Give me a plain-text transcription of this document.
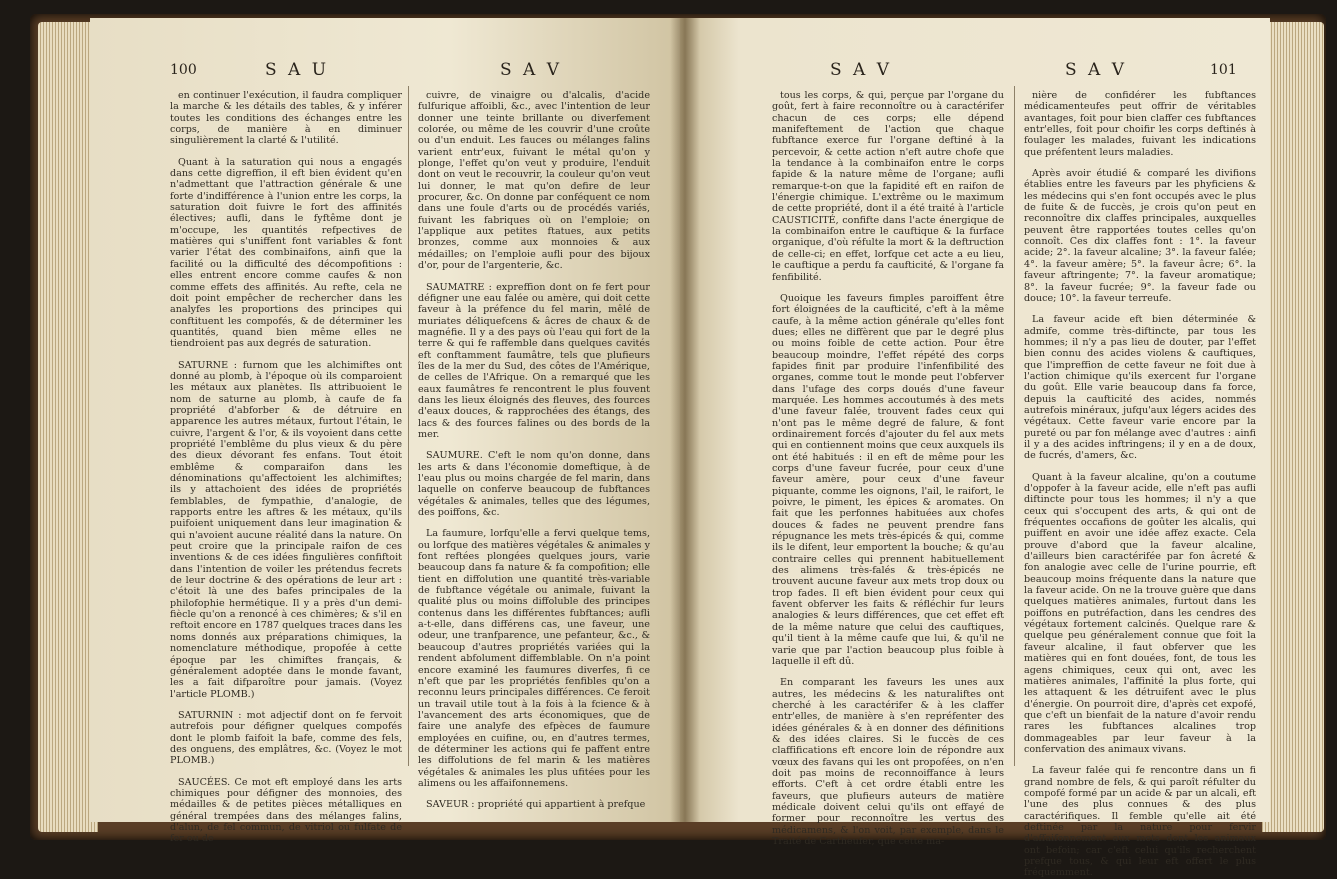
100	S A U	S A V

en continuer l'exécution, il faudra compliquer la marche & les détails des tables, & y inférer toutes les conditions des échanges entre les corps, de manière à en diminuer singulièrement la clarté & l'utilité.

Quant à la saturation qui nous a engagés dans cette digreffion, il eft bien évident qu'en n'admettant que l'attraction générale & une forte d'indifférence à l'union entre les corps, la saturation doit fuivre le fort des affinités électives; aufli, dans le fyftême dont je m'occupe, les quantités refpectives de matières qui s'uniffent font variables & font varier l'état des combinaifons, ainfi que la facilité ou la difficulté des décompofitions : elles entrent encore comme caufes & non comme effets des affinités. Au refte, cela ne doit point empêcher de rechercher dans les analyfes les proportions des principes qui conftituent les compofés, & de déterminer les quantités, quand bien même elles ne tiendroient pas aux degrés de saturation.

SATURNE : furnom que les alchimiftes ont donné au plomb, à l'époque où ils comparoient les métaux aux planètes. Ils attribuoient le nom de saturne au plomb, à caufe de fa propriété d'abforber & de détruire en apparence les autres métaux, furtout l'étain, le cuivre, l'argent & l'or, & ils voyoient dans cette propriété l'emblême du plus vieux & du père des dieux dévorant fes enfans. Tout étoit emblême & comparaifon dans les dénominations qu'affectoient les alchimiftes; ils y attachoient des idées de propriétés femblables, de fympathie, d'analogie, de rapports entre les aftres & les métaux, qu'ils puifoient uniquement dans leur imagination & qui n'avoient aucune réalité dans la nature. On peut croire que la principale raifon de ces inventions & de ces idées fingulières confiftoit dans l'intention de voiler les prétendus fecrets de leur doctrine & des opérations de leur art : c'étoit là une des bafes principales de la philofophie hermétique. Il y a près d'un demi-fiècle qu'on a renoncé à ces chimères; & s'il en reftoit encore en 1787 quelques traces dans les noms donnés aux préparations chimiques, la nomenclature méthodique, propofée à cette époque par les chimiftes français, & généralement adoptée dans le monde favant, les a fait difparoître pour jamais. (Voyez l'article PLOMB.)

SATURNIN : mot adjectif dont on fe fervoit autrefois pour défigner quelques compofés dont le plomb faifoit la bafe, comme des fels, des onguens, des emplâtres, &c. (Voyez le mot PLOMB.)

SAUCÉES. Ce mot eft employé dans les arts chimiques pour défigner des monnoies, des médailles & de petites pièces métalliques en général trempées dans des mélanges falins, d'alun, de fel commun, de vitriol ou fulfate de fer ou de

cuivre, de vinaigre ou d'alcalis, d'acide fulfurique affoibli, &c., avec l'intention de leur donner une teinte brillante ou diverfement colorée, ou même de les couvrir d'une croûte ou d'un enduit. Les fauces ou mélanges falins varient entr'eux, fuivant le métal qu'on y plonge, l'effet qu'on veut y produire, l'enduit dont on veut le recouvrir, la couleur qu'on veut lui donner, le mat qu'on defire de leur procurer, &c. On donne par conféquent ce nom dans une foule d'arts ou de procédés variés, fuivant les fabriques où on l'emploie; on l'applique aux petites ftatues, aux petits bronzes, comme aux monnoies & aux médailles; on l'emploie aufli pour des bijoux d'or, pour de l'argenterie, &c.

SAUMATRE : expreffion dont on fe fert pour défigner une eau falée ou amère, qui doit cette faveur à la préfence du fel marin, mêlé de muriates déliquefcens & âcres de chaux & de magnéfie. Il y a des pays où l'eau qui fort de la terre & qui fe raffemble dans quelques cavités eft conftamment faumâtre, tels que plufieurs îles de la mer du Sud, des côtes de l'Amérique, de celles de l'Afrique. On a remarqué que les eaux faumâtres fe rencontrent le plus fouvent dans les lieux éloignés des fleuves, des fources d'eaux douces, & rapprochées des étangs, des lacs & des fources falines ou des bords de la mer.

SAUMURE. C'eft le nom qu'on donne, dans les arts & dans l'économie domeftique, à de l'eau plus ou moins chargée de fel marin, dans laquelle on conferve beaucoup de fubftances végétales & animales, telles que des légumes, des poiffons, &c.

La faumure, lorfqu'elle a fervi quelque tems, ou lorfque des matières végétales & animales y font reftées plongées quelques jours, varie beaucoup dans fa nature & fa compofition; elle tient en diffolution une quantité très-variable de fubftance végétale ou animale, fuivant la qualité plus ou moins diffoluble des principes contenus dans les différentes fubftances; aufli a-t-elle, dans différens cas, une faveur, une odeur, une tranfparence, une pefanteur, &c., & beaucoup d'autres propriétés variées qui la rendent abfolument diffemblable. On n'a point encore examiné les faumures diverfes, fi ce n'eft que par les propriétés fenfibles qu'on a reconnu leurs principales différences. Ce feroit un travail utile tout à la fois à la fcience & à l'avancement des arts économiques, que de faire une analyfe des efpèces de faumure employées en cuifine, ou, en d'autres termes, de déterminer les actions qui fe paffent entre les diffolutions de fel marin & les matières végétales & animales les plus ufitées pour les alimens ou les affaifonnemens.

SAVEUR : propriété qui appartient à prefque

S A V	S A V	101

tous les corps, & qui, perçue par l'organe du goût, fert à faire reconnoître ou à caractérifer chacun de ces corps; elle dépend manifeftement de l'action que chaque fubftance exerce fur l'organe deftiné à la percevoir, & cette action n'eft autre chofe que la tendance à la combinaifon entre le corps fapide & la nature même de l'organe; aufli remarque-t-on que la fapidité eft en raifon de l'énergie chimique. L'extrême ou le maximum de cette propriété, dont il a été traité à l'article CAUSTICITÉ, confifte dans l'acte énergique de la combinaifon entre le cauftique & la furface organique, d'où réfulte la mort & la deftruction de celle-ci; en effet, lorfque cet acte a eu lieu, le cauftique a perdu fa caufticité, & l'organe fa fenfibilité.

Quoique les faveurs fimples paroiffent être fort éloignées de la caufticité, c'eft à la même caufe, à la même action générale qu'elles font dues; elles ne diffèrent que par le degré plus ou moins foible de cette action. Pour être beaucoup moindre, l'effet répété des corps fapides finit par produire l'infenfibilité des organes, comme tout le monde peut l'obferver dans l'ufage des corps doués d'une faveur marquée. Les hommes accoutumés à des mets d'une faveur falée, trouvent fades ceux qui n'ont pas le même degré de falure, & font ordinairement forcés d'ajouter du fel aux mets qui en contiennent moins que ceux auxquels ils ont été habitués : il en eft de même pour les corps d'une faveur fucrée, pour ceux d'une faveur amère, pour ceux d'une faveur piquante, comme les oignons, l'ail, le raifort, le poivre, le piment, les épices & aromates. On fait que les perfonnes habituées aux chofes douces & fades ne peuvent prendre fans répugnance les mets très-épicés & qui, comme ils le difent, leur emportent la bouche; & qu'au contraire celles qui prennent habituellement des alimens très-falés & très-épicés ne trouvent aucune faveur aux mets trop doux ou trop fades. Il eft bien évident pour ceux qui favent obferver les faits & réfléchir fur leurs analogies & leurs différences, que cet effet eft de la même nature que celui des cauftiques, qu'il tient à la même caufe que lui, & qu'il ne varie que par l'action beaucoup plus foible à laquelle il eft dû.

En comparant les faveurs les unes aux autres, les médecins & les naturaliftes ont cherché à les caractérifer & à les claffer entr'elles, de manière à s'en repréfenter des idées générales & à en donner des définitions & des idées claires. Si le fuccès de ces claffifications eft encore loin de répondre aux vœux des favans qui les ont propofées, on n'en doit pas moins de reconnoiffance à leurs efforts. C'eft à cet ordre établi entre les faveurs, que plufieurs auteurs de matière médicale doivent celui qu'ils ont effayé de former pour reconnoître les vertus des médicamens, & l'on voit, par exemple, dans le Traité de Cartheufer, que cette ma-

nière de confidérer les fubftances médicamenteufes peut offrir de véritables avantages, foit pour bien claffer ces fubftances entr'elles, foit pour choifir les corps deftinés à foulager les malades, fuivant les indications que préfentent leurs maladies.

Après avoir étudié & comparé les divifions établies entre les faveurs par les phyficiens & les médecins qui s'en font occupés avec le plus de fuite & de fuccès, je crois qu'on peut en reconnoître dix claffes principales, auxquelles peuvent être rapportées toutes celles qu'on connoît. Ces dix claffes font : 1°. la faveur acide; 2°. la faveur alcaline; 3°. la faveur falée; 4°. la faveur amère; 5°. la faveur âcre; 6°. la faveur aftringente; 7°. la faveur aromatique; 8°. la faveur fucrée; 9°. la faveur fade ou douce; 10°. la faveur terreufe.

La faveur acide eft bien déterminée & admife, comme très-diftincte, par tous les hommes; il n'y a pas lieu de douter, par l'effet bien connu des acides violens & cauftiques, que l'impreffion de cette faveur ne foit due à l'action chimique qu'ils exercent fur l'organe du goût. Elle varie beaucoup dans fa force, depuis la caufticité des acides, nommés autrefois minéraux, jufqu'aux légers acides des végétaux. Cette faveur varie encore par la pureté ou par fon mélange avec d'autres : ainfi il y a des acides inftringens; il y en a de doux, de fucrés, d'amers, &c.

Quant à la faveur alcaline, qu'on a coutume d'oppofer à la faveur acide, elle n'eft pas aufli diftincte pour tous les hommes; il n'y a que ceux qui s'occupent des arts, & qui ont de fréquentes occafions de goûter les alcalis, qui puiffent en avoir une idée affez exacte. Cela prouve d'abord que la faveur alcaline, d'ailleurs bien caractérifée par fon âcreté & fon analogie avec celle de l'urine pourrie, eft beaucoup moins fréquente dans la nature que la faveur acide. On ne la trouve guère que dans quelques matières animales, furtout dans les poiffons en putréfaction, dans les cendres des végétaux fortement calcinés. Quelque rare & quelque peu généralement connue que foit la faveur alcaline, il faut obferver que les matières qui en font douées, font, de tous les agens chimiques, ceux qui ont, avec les matières animales, l'affinité la plus forte, qui les attaquent & les détruifent avec le plus d'énergie. On pourroit dire, d'après cet expofé, que c'eft un bienfait de la nature d'avoir rendu rares les fubftances alcalines trop dommageables par leur faveur à la confervation des animaux vivans.

La faveur falée qui fe rencontre dans un fi grand nombre de fels, & qui paroît réfulter du compofé formé par un acide & par un alcali, eft l'une des plus connues & des plus caractérifiques. Il femble qu'elle ait été deftinée par la nature pour fervir d'affaifonnement aux mets dont les animaux ont befoin; car c'eft celui qu'ils recherchent prefque tous, & qui leur eft offert le plus fréquemment.
